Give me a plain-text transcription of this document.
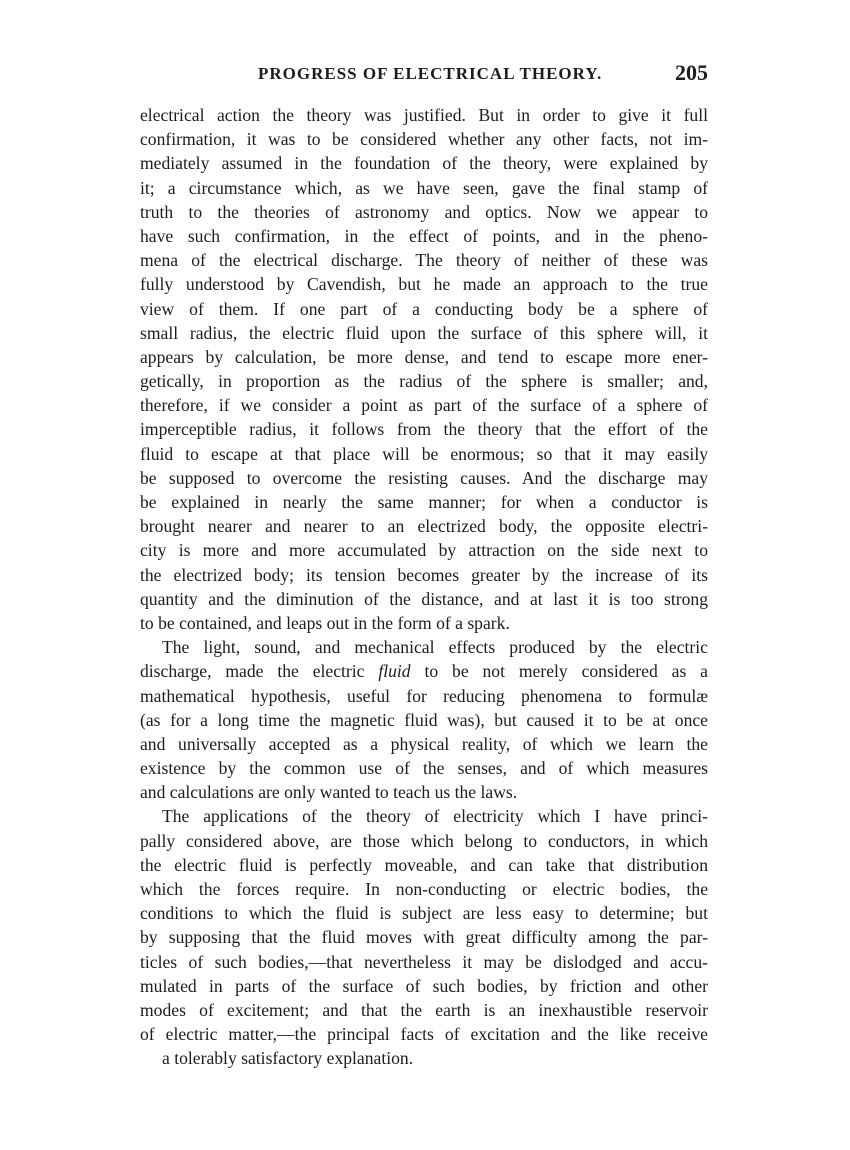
PROGRESS OF ELECTRICAL THEORY.	205
electrical action the theory was justified. But in order to give it full
confirmation, it was to be considered whether any other facts, not im-
mediately assumed in the foundation of the theory, were explained by
it; a circumstance which, as we have seen, gave the final stamp of
truth to the theories of astronomy and optics. Now we appear to
have such confirmation, in the effect of points, and in the pheno-
mena of the electrical discharge. The theory of neither of these was
fully understood by Cavendish, but he made an approach to the true
view of them. If one part of a conducting body be a sphere of
small radius, the electric fluid upon the surface of this sphere will, it
appears by calculation, be more dense, and tend to escape more ener-
getically, in proportion as the radius of the sphere is smaller; and,
therefore, if we consider a point as part of the surface of a sphere of
imperceptible radius, it follows from the theory that the effort of the
fluid to escape at that place will be enormous; so that it may easily
be supposed to overcome the resisting causes. And the discharge may
be explained in nearly the same manner; for when a conductor is
brought nearer and nearer to an electrized body, the opposite electri-
city is more and more accumulated by attraction on the side next to
the electrized body; its tension becomes greater by the increase of its
quantity and the diminution of the distance, and at last it is too strong
to be contained, and leaps out in the form of a spark.
The light, sound, and mechanical effects produced by the electric
discharge, made the electric fluid to be not merely considered as a
mathematical hypothesis, useful for reducing phenomena to formulæ
(as for a long time the magnetic fluid was), but caused it to be at once
and universally accepted as a physical reality, of which we learn the
existence by the common use of the senses, and of which measures
and calculations are only wanted to teach us the laws.
The applications of the theory of electricity which I have princi-
pally considered above, are those which belong to conductors, in which
the electric fluid is perfectly moveable, and can take that distribution
which the forces require. In non-conducting or electric bodies, the
conditions to which the fluid is subject are less easy to determine; but
by supposing that the fluid moves with great difficulty among the par-
ticles of such bodies,—that nevertheless it may be dislodged and accu-
mulated in parts of the surface of such bodies, by friction and other
modes of excitement; and that the earth is an inexhaustible reservoir
of electric matter,—the principal facts of excitation and the like receive
a tolerably satisfactory explanation.
